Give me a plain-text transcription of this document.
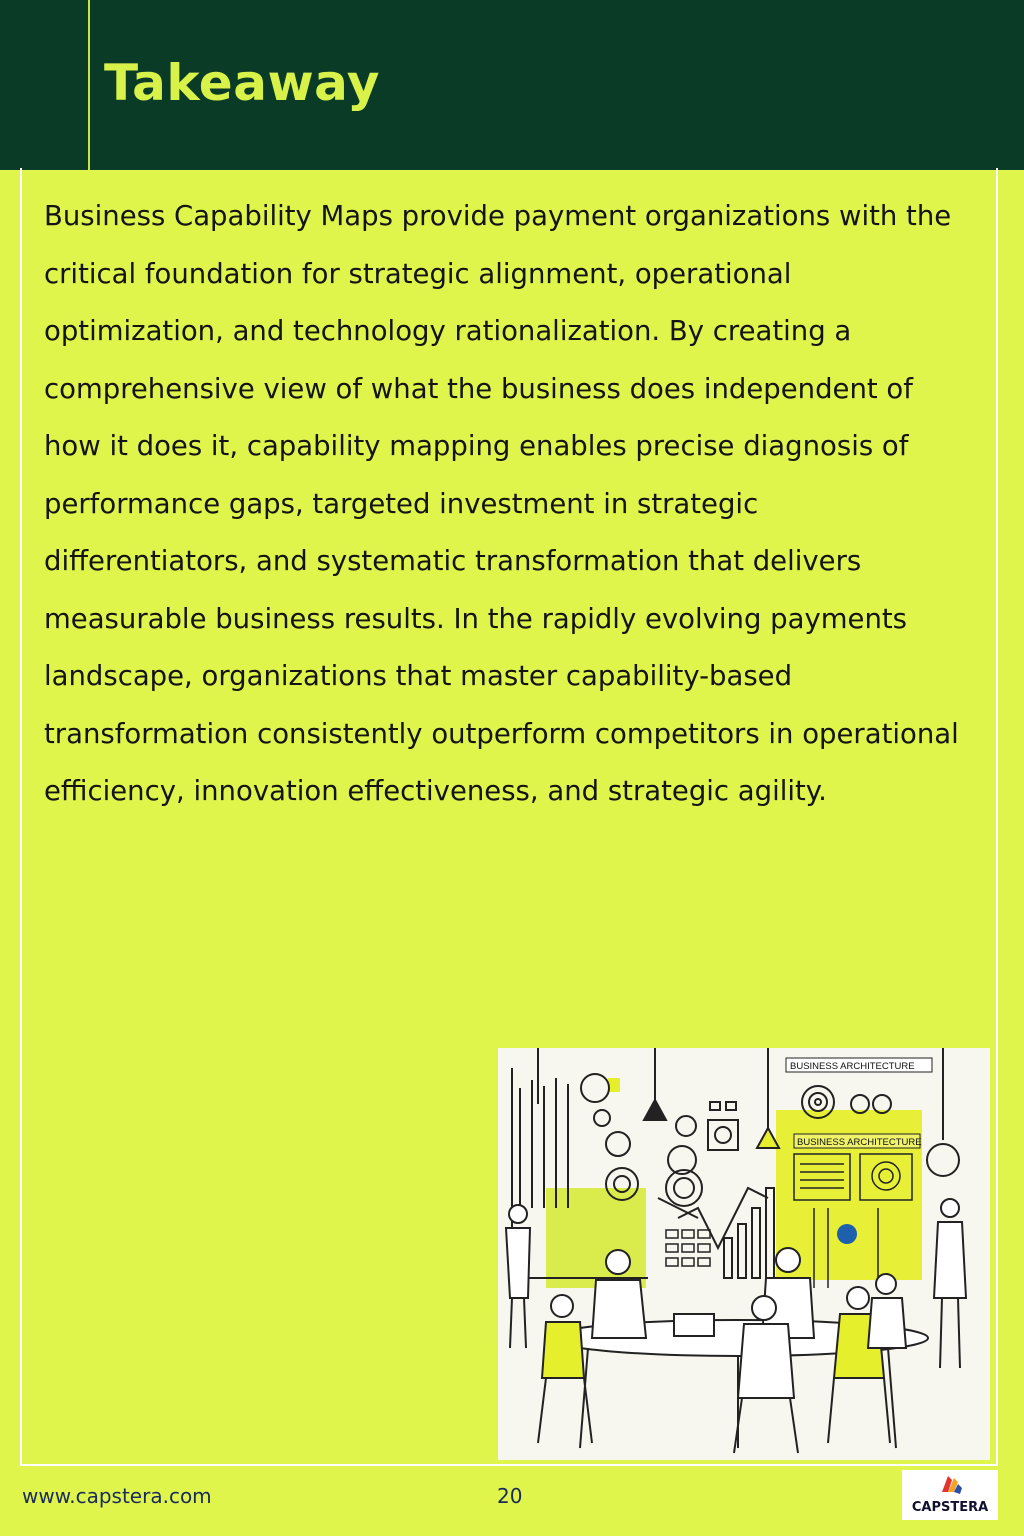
Takeaway
Business Capability Maps provide payment organizations with the critical foundation for strategic alignment, operational optimization, and technology rationalization. By creating a comprehensive view of what the business does independent of how it does it, capability mapping enables precise diagnosis of performance gaps, targeted investment in strategic differentiators, and systematic transformation that delivers measurable business results. In the rapidly evolving payments landscape, organizations that master capability-based transformation consistently outperform competitors in operational efficiency, innovation effectiveness, and strategic agility.
BUSINESS ARCHITECTURE
BUSINESS ARCHITECTURE
www.capstera.com	20	CAPSTERA
